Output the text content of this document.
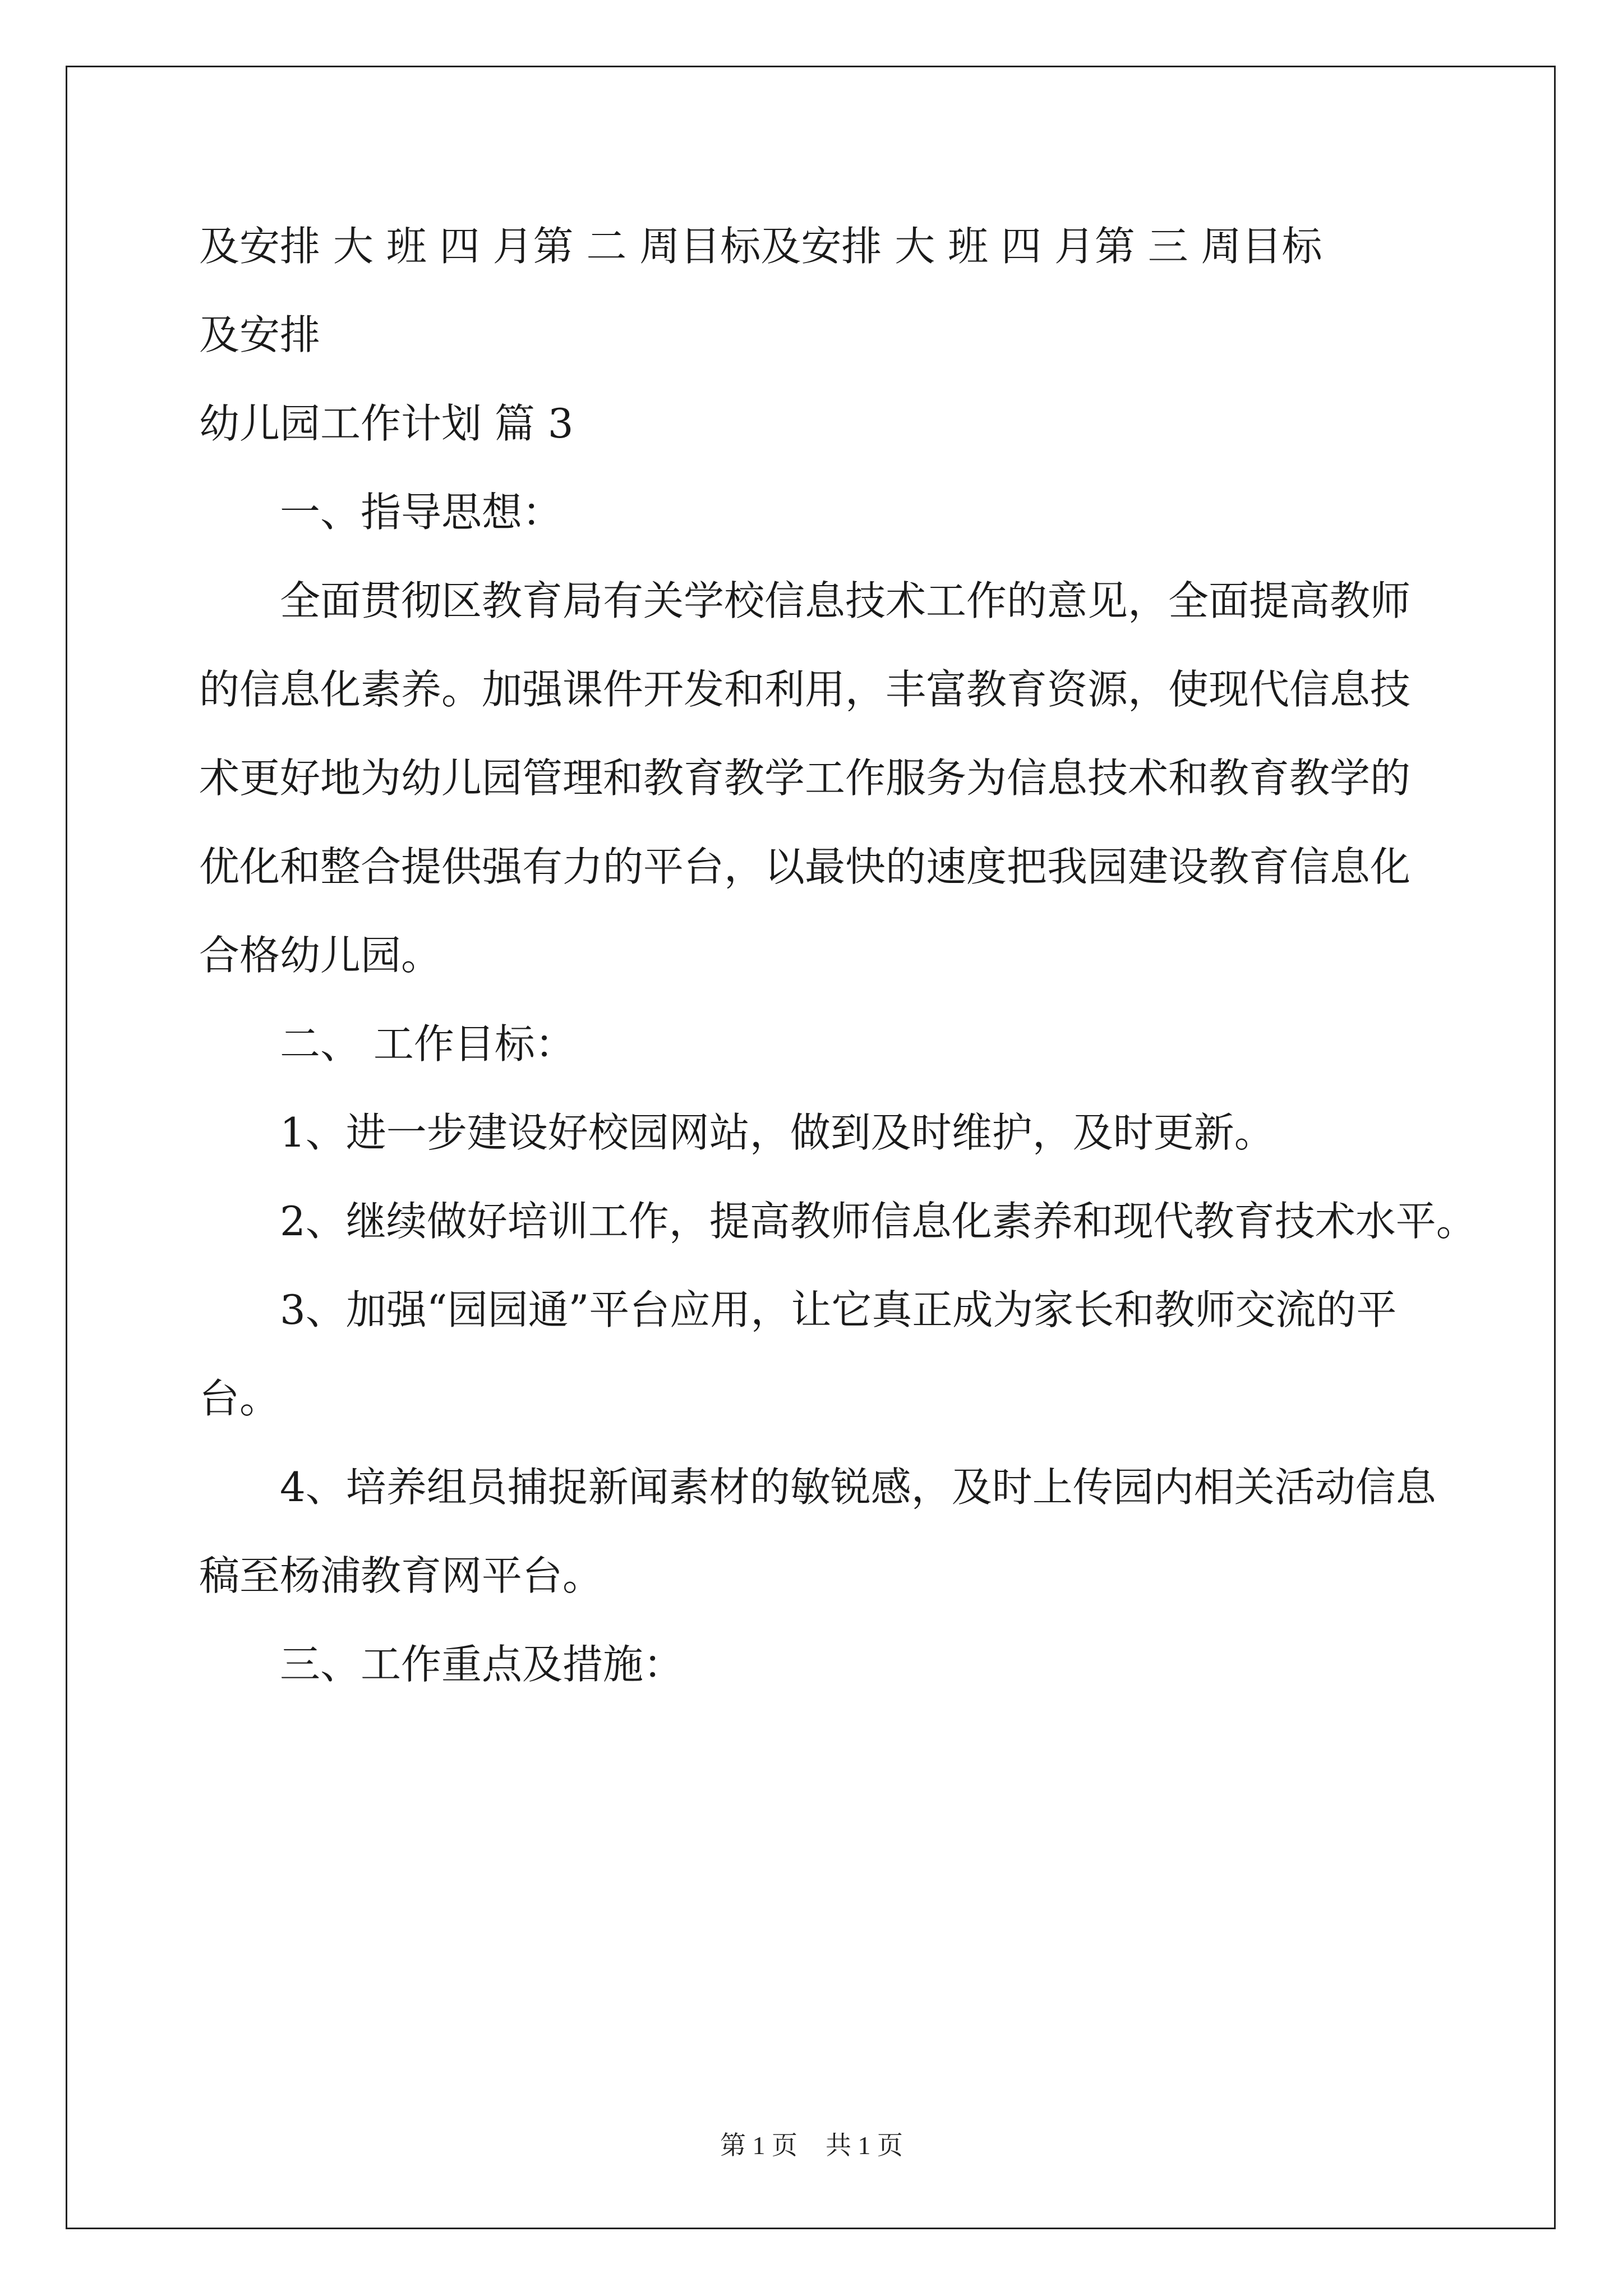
及安排 大 班 四 月第 二 周目标及安排 大 班 四 月第 三 周目标
及安排
幼儿园工作计划 篇 3
一、指导思想：
全面贯彻区教育局有关学校信息技术工作的意见，全面提高教师
的信息化素养。加强课件开发和利用，丰富教育资源，使现代信息技
术更好地为幼儿园管理和教育教学工作服务为信息技术和教育教学的
优化和整合提供强有力的平台，以最快的速度把我园建设教育信息化
合格幼儿园。
二、 工作目标：
1、进一步建设好校园网站，做到及时维护，及时更新。
2、继续做好培训工作，提高教师信息化素养和现代教育技术水平。
3、加强“园园通”平台应用，让它真正成为家长和教师交流的平
台。
4、培养组员捕捉新闻素材的敏锐感，及时上传园内相关活动信息
稿至杨浦教育网平台。
三、工作重点及措施：
第 1 页 共 1 页
